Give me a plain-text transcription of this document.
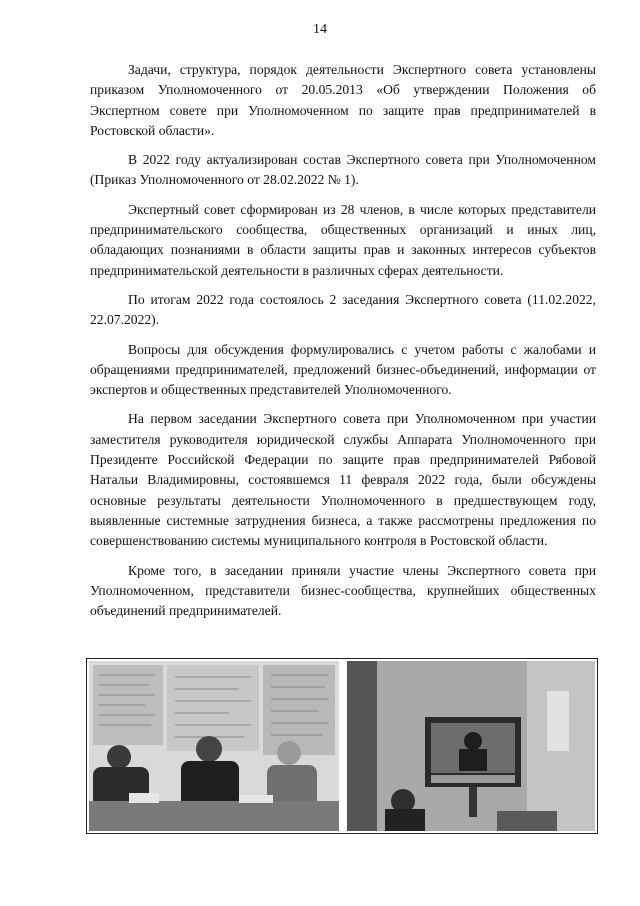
14

Задачи, структура, порядок деятельности Экспертного совета установлены приказом Уполномоченного от 20.05.2013 «Об утверждении Положения об Экспертном совете при Уполномоченном по защите прав предпринимателей в Ростовской области».

В 2022 году актуализирован состав Экспертного совета при Уполномоченном (Приказ Уполномоченного от 28.02.2022 № 1).

Экспертный совет сформирован из 28 членов, в числе которых представители предпринимательского сообщества, общественных организаций и иных лиц, обладающих познаниями в области защиты прав и законных интересов субъектов предпринимательской деятельности в различных сферах деятельности.

По итогам 2022 года состоялось 2 заседания Экспертного совета (11.02.2022, 22.07.2022).

Вопросы для обсуждения формулировались с учетом работы с жалобами и обращениями предпринимателей, предложений бизнес-объединений, информации от экспертов и общественных представителей Уполномоченного.

На первом заседании Экспертного совета при Уполномоченном при участии заместителя руководителя юридической службы Аппарата Уполномоченного при Президенте Российской Федерации по защите прав предпринимателей Рябовой Натальи Владимировны, состоявшемся 11 февраля 2022 года, были обсуждены основные результаты деятельности Уполномоченного в предшествующем году, выявленные системные затруднения бизнеса, а также рассмотрены предложения по совершенствованию системы муниципального контроля в Ростовской области.

Кроме того, в заседании приняли участие члены Экспертного совета при Уполномоченном, представители бизнес-сообщества, крупнейших общественных объединений предпринимателей.
